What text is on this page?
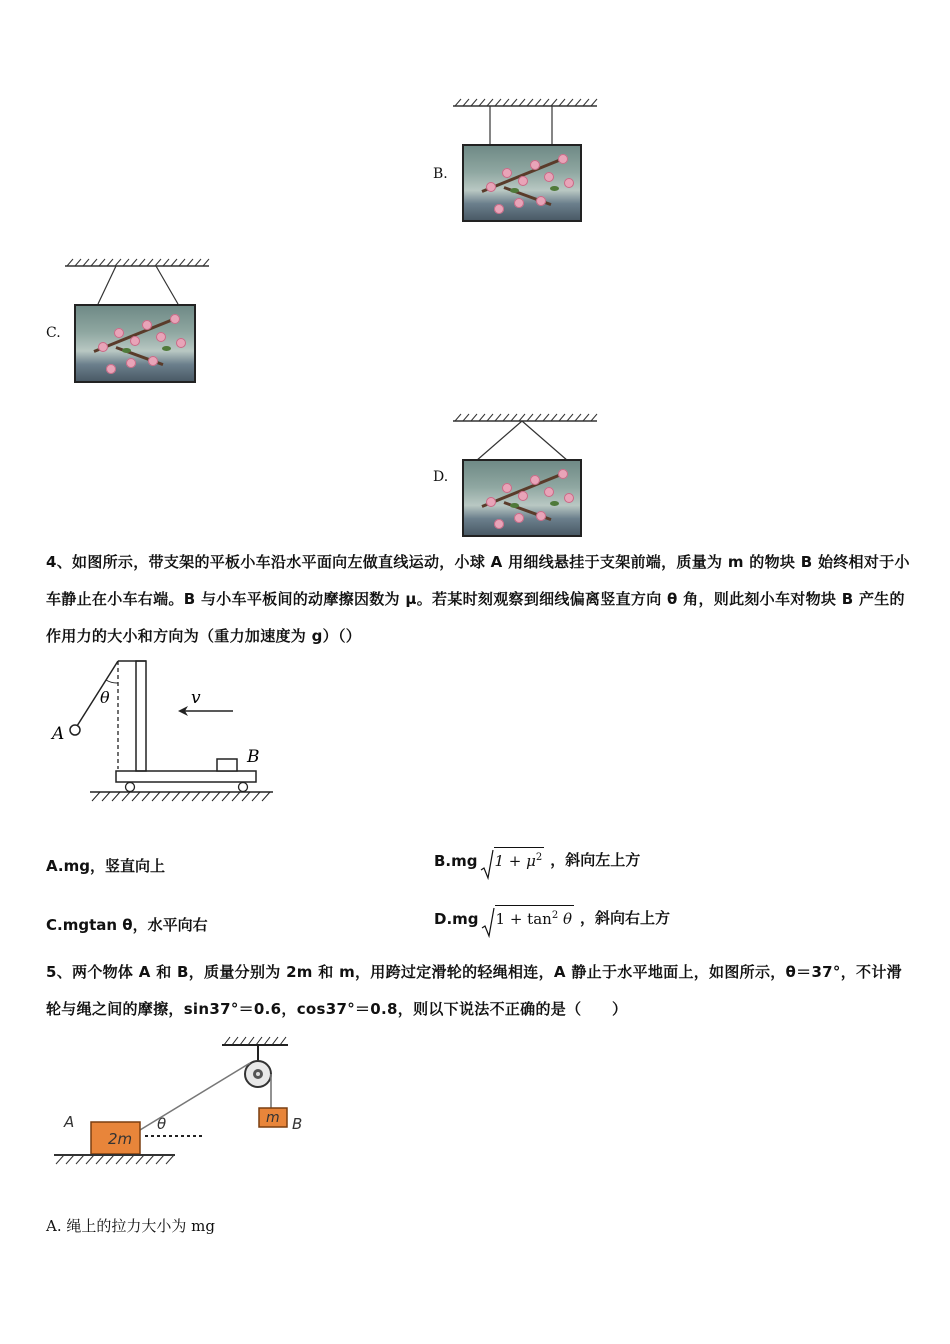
B.
C.
D.
4、如图所示，带支架的平板小车沿水平面向左做直线运动，小球 A 用细线悬挂于支架前端，质量为 m 的物块 B 始终相对于小车静止在小车右端。B 与小车平板间的动摩擦因数为 μ。若某时刻观察到细线偏离竖直方向 θ 角，则此刻小车对物块 B 产生的作用力的大小和方向为（重力加速度为 g）（）
θ
A
B
v
A.mg，竖直向上	B.mg $1 + \mu^2$ ，斜向左上方
C.mgtan θ，水平向右	D.mg $1 + \tan^2 \theta$ ，斜向右上方
5、两个物体 A 和 B，质量分别为 2m 和 m，用跨过定滑轮的轻绳相连，A 静止于水平地面上，如图所示，θ＝37°，不计滑轮与绳之间的摩擦，sin37°＝0.6，cos37°＝0.8，则以下说法不正确的是（　　）
A
2m
θ	m B
A. 绳上的拉力大小为 mg
